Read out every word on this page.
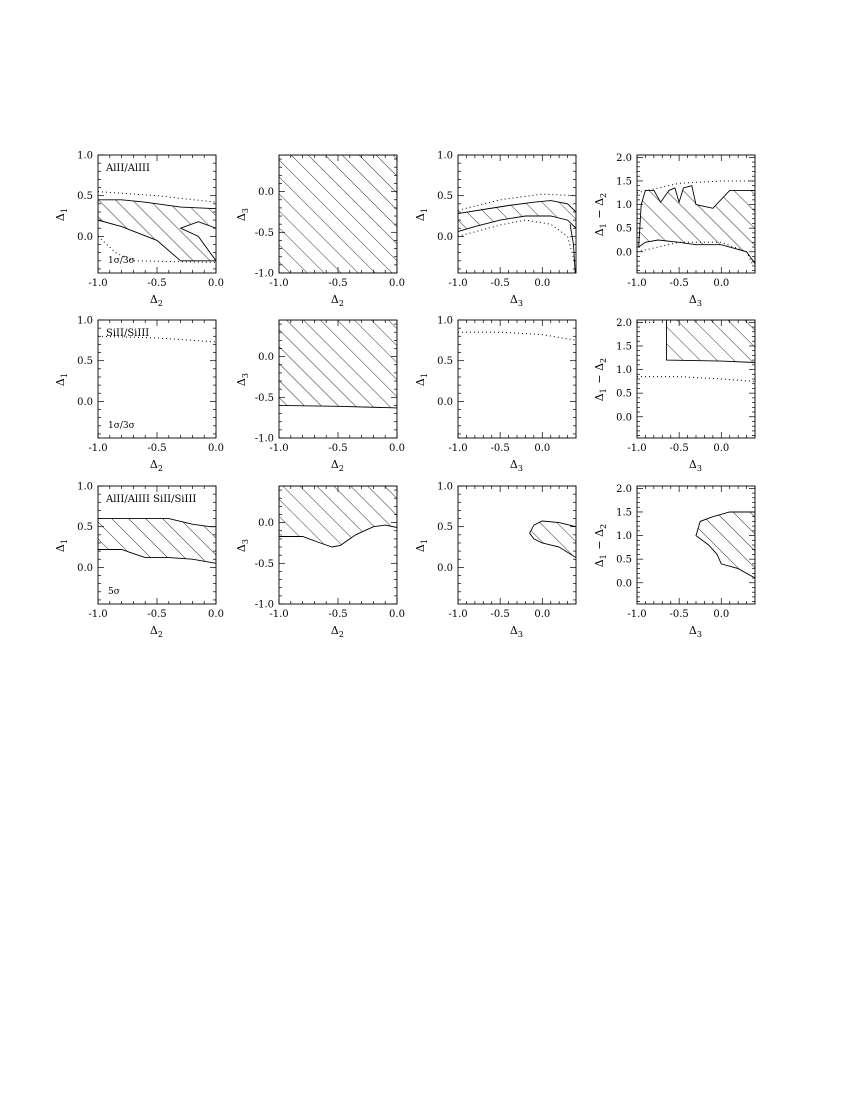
-1.0	-0.5	0.0
0.0
0.5
1.0
$\Delta_2$ 
$\Delta_1$ 
AlII/AlIII
1σ/3σ
-1.0	-0.5	0.0
-1.0
-0.5
0.0
$\Delta_2$ 
$\Delta_3$ 
-1.0 -0.5 0.0
0.0
0.5
1.0
$\Delta_3$ 
$\Delta_1$ 
-1.0 -0.5 0.0
0.0
0.5
1.0
1.5
2.0
$\Delta_3$ 
$\Delta_1$  − $\Delta_2$ 
-1.0	-0.5	0.0
0.0
0.5
1.0
$\Delta_2$ 
$\Delta_1$ 
SiII/SiIII
1σ/3σ
-1.0	-0.5	0.0
-1.0
-0.5
0.0
$\Delta_2$ 
$\Delta_3$ 
-1.0 -0.5 0.0
0.0
0.5
1.0
$\Delta_3$ 
$\Delta_1$ 
-1.0 -0.5 0.0
0.0
0.5
1.0
1.5
2.0
$\Delta_3$ 
$\Delta_1$  − $\Delta_2$ 
-1.0	-0.5	0.0
0.0
0.5
1.0
$\Delta_2$ 
$\Delta_1$ 
AlII/AlIII SiII/SiIII
5σ
-1.0	-0.5	0.0
-1.0
-0.5
0.0
$\Delta_2$ 
$\Delta_3$ 
-1.0 -0.5 0.0
0.0
0.5
1.0
$\Delta_3$ 
$\Delta_1$ 
-1.0 -0.5 0.0
0.0
0.5
1.0
1.5
2.0
$\Delta_3$ 
$\Delta_1$  − $\Delta_2$ 
